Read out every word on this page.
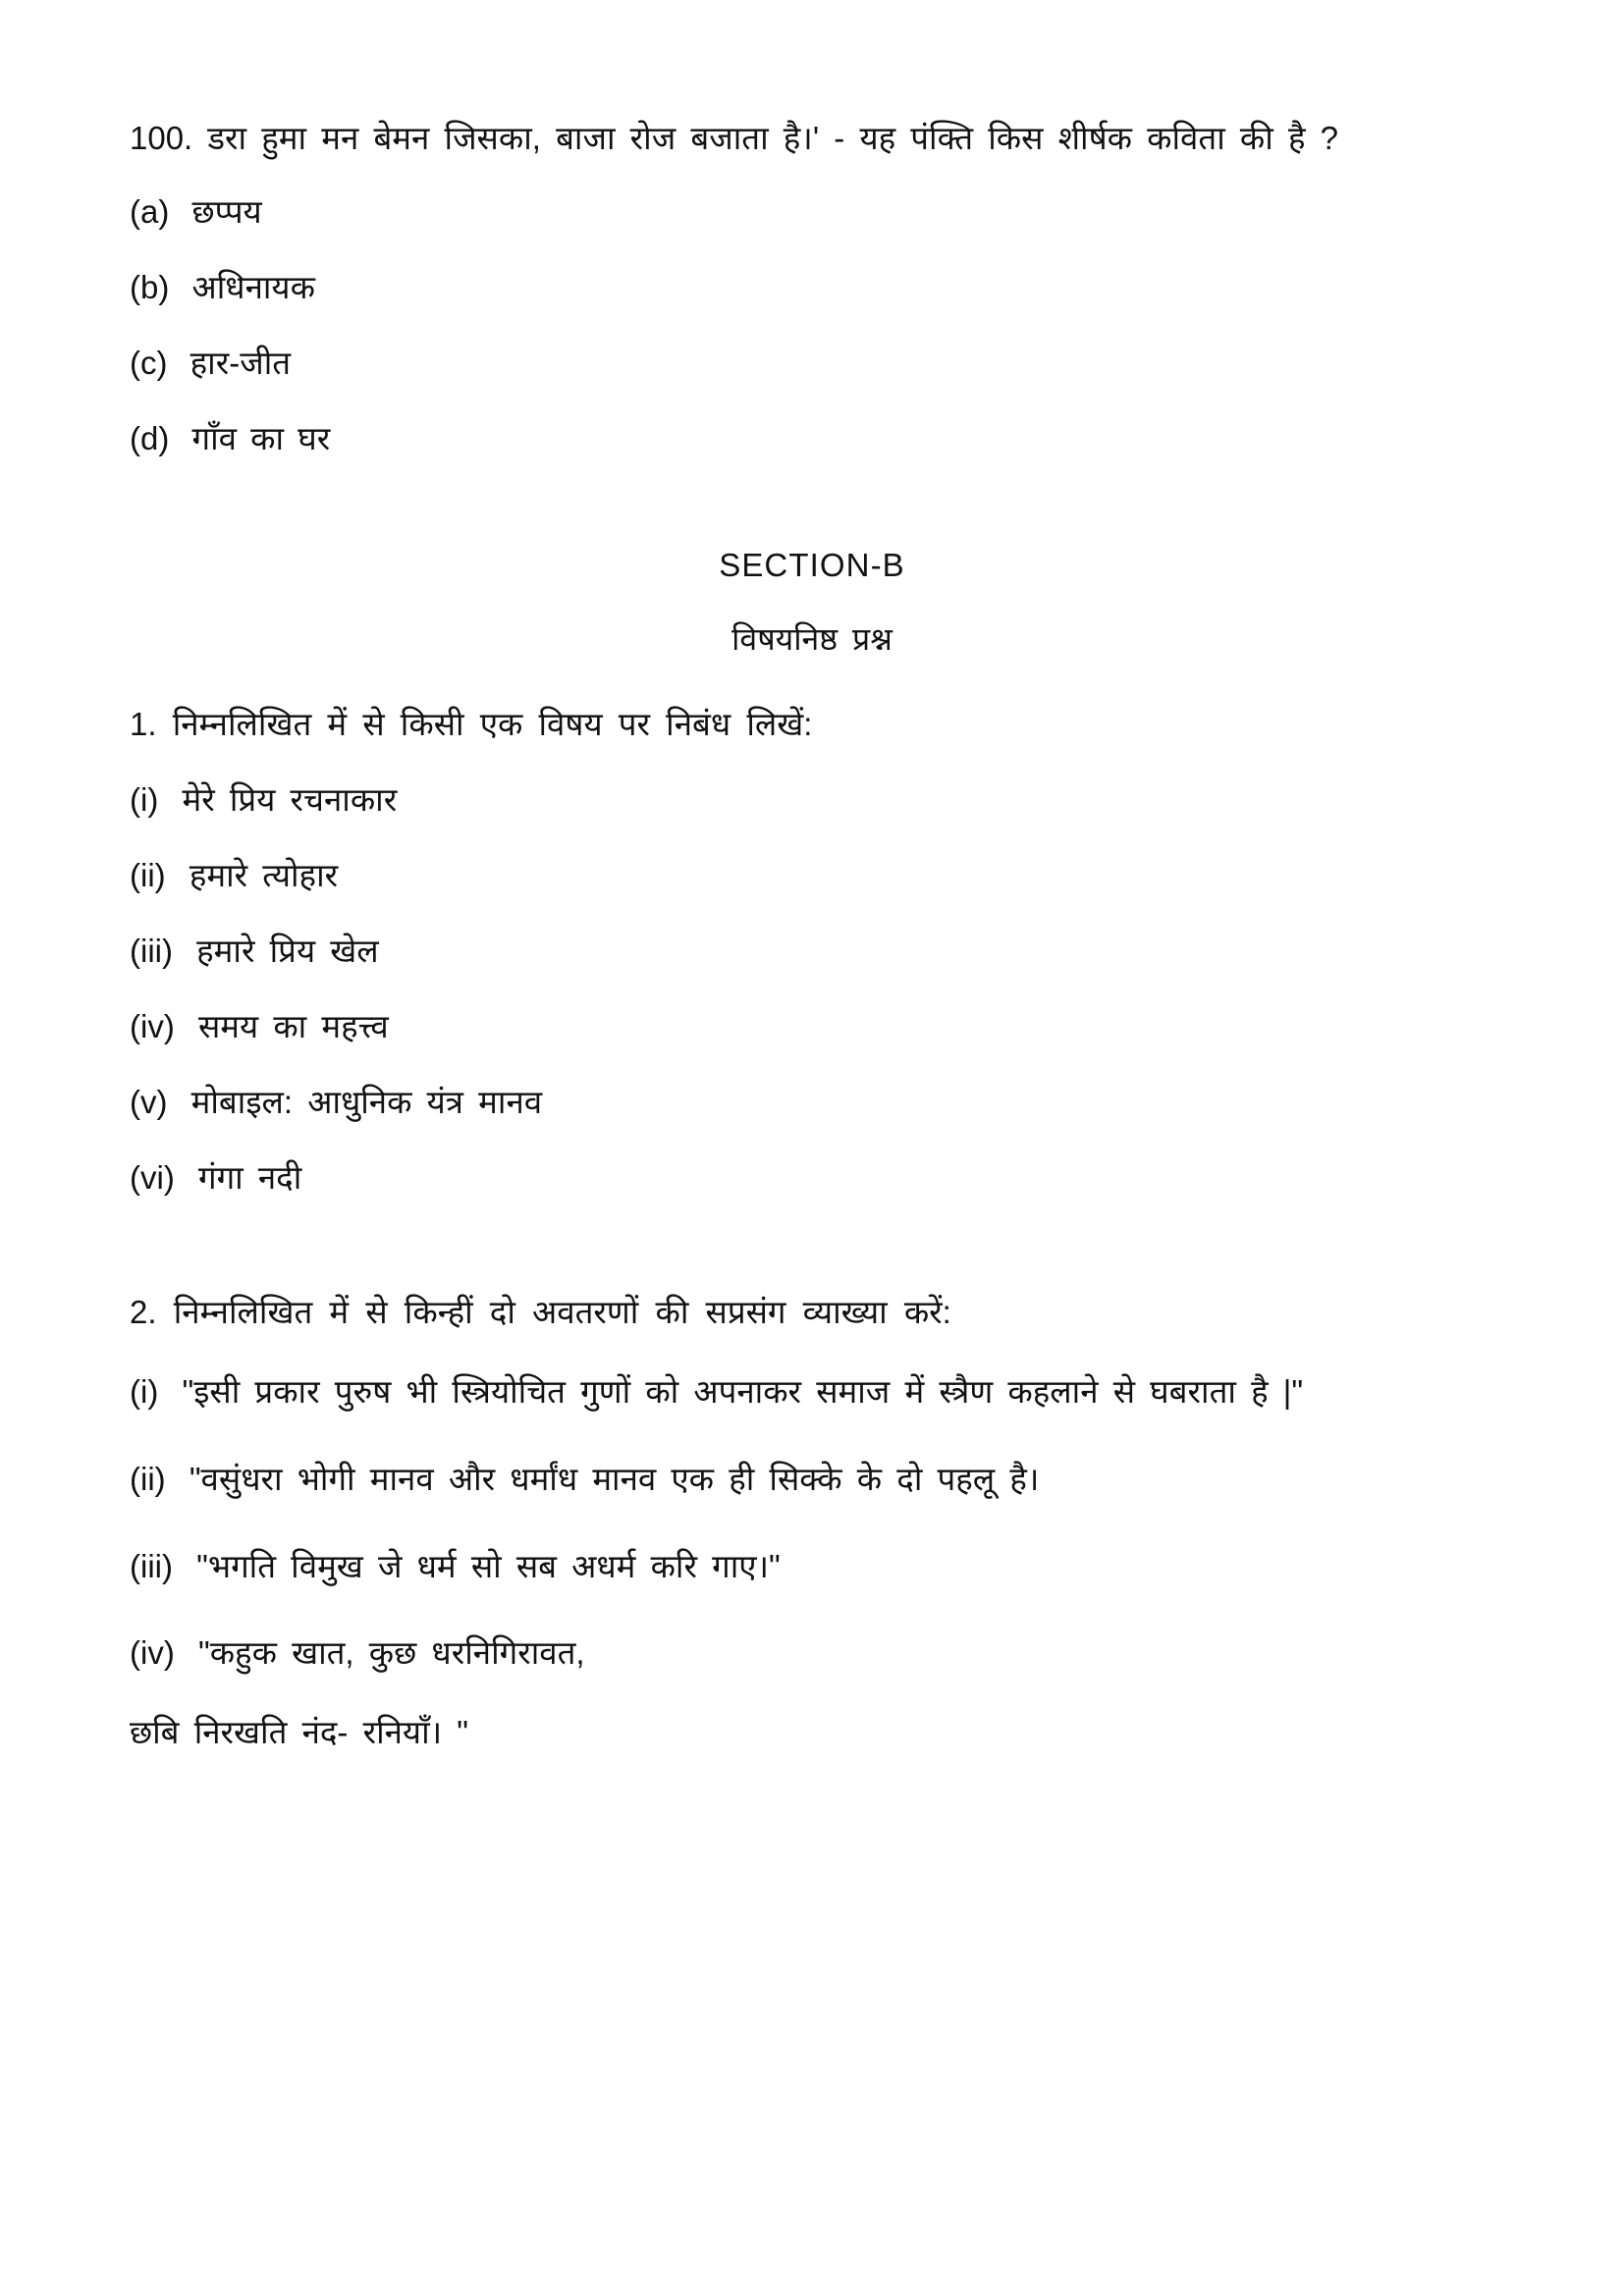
100. डरा हुमा मन बेमन जिसका, बाजा रोज बजाता है।' - यह पंक्ति किस शीर्षक कविता की है ?

(a) छप्पय
(b) अधिनायक
(c) हार-जीत
(d) गाँव का घर

SECTION-B

विषयनिष्ठ प्रश्न

1. निम्नलिखित में से किसी एक विषय पर निबंध लिखें:

(i) मेरे प्रिय रचनाकार
(ii) हमारे त्योहार
(iii) हमारे प्रिय खेल
(iv) समय का महत्त्व
(v) मोबाइल: आधुनिक यंत्र मानव
(vi) गंगा नदी

2. निम्नलिखित में से किन्हीं दो अवतरणों की सप्रसंग व्याख्या करें:

(i) "इसी प्रकार पुरुष भी स्त्रियोचित गुणों को अपनाकर समाज में स्त्रैण कहलाने से घबराता है |"
(ii) "वसुंधरा भोगी मानव और धर्मांध मानव एक ही सिक्के के दो पहलू है।
(iii) "भगति विमुख जे धर्म सो सब अधर्म करि गाए।"
(iv) "कहुक खात, कुछ धरनिगिरावत,

छबि निरखति नंद- रनियाँ। "
